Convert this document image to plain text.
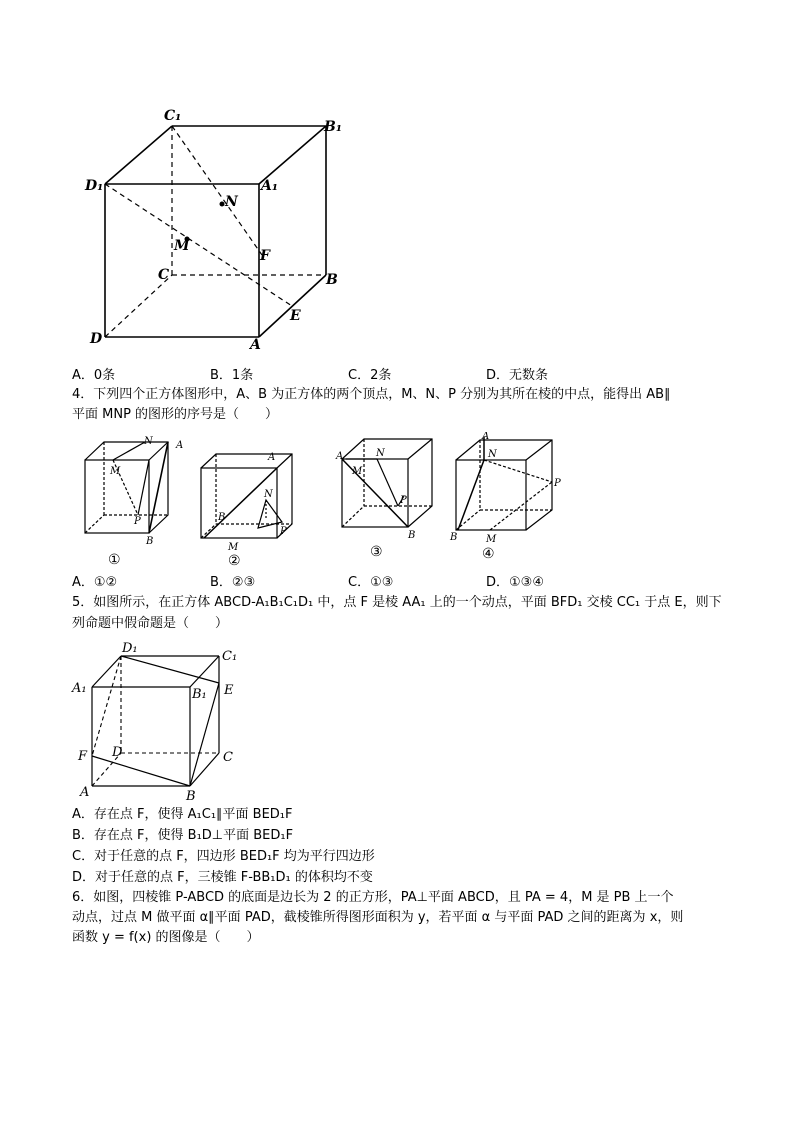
C₁
B₁
D₁	A₁
N
M
F
C	B
D
E
A
A．0条	B．1条	C．2条	D．无数条
4．下列四个正方体图形中，A、B 为正方体的两个顶点，M、N、P 分别为其所在棱的中点，能得出 AB∥
平面 MNP 的图形的序号是（　　）
N A
M
P
B
①
N
A
B
M
P
②
A	N
M
P
B
③
A
N
P
B	M
④
A．①②	B．②③	C．①③	D．①③④
5．如图所示，在正方体 ABCD-A₁B₁C₁D₁ 中，点 F 是棱 AA₁ 上的一个动点，平面 BFD₁ 交棱 CC₁ 于点 E，则下
列命题中假命题是（　　）
D₁
C₁
A₁	B₁ E
F D	C
A	B
A．存在点 F，使得 A₁C₁∥平面 BED₁F
B．存在点 F，使得 B₁D⊥平面 BED₁F
C．对于任意的点 F，四边形 BED₁F 均为平行四边形
D．对于任意的点 F，三棱锥 F-BB₁D₁ 的体积均不变
6．如图，四棱锥 P-ABCD 的底面是边长为 2 的正方形，PA⊥平面 ABCD，且 PA = 4，M 是 PB 上一个
动点，过点 M 做平面 α∥平面 PAD，截棱锥所得图形面积为 y，若平面 α 与平面 PAD 之间的距离为 x，则
函数 y = f(x) 的图像是（　　）
